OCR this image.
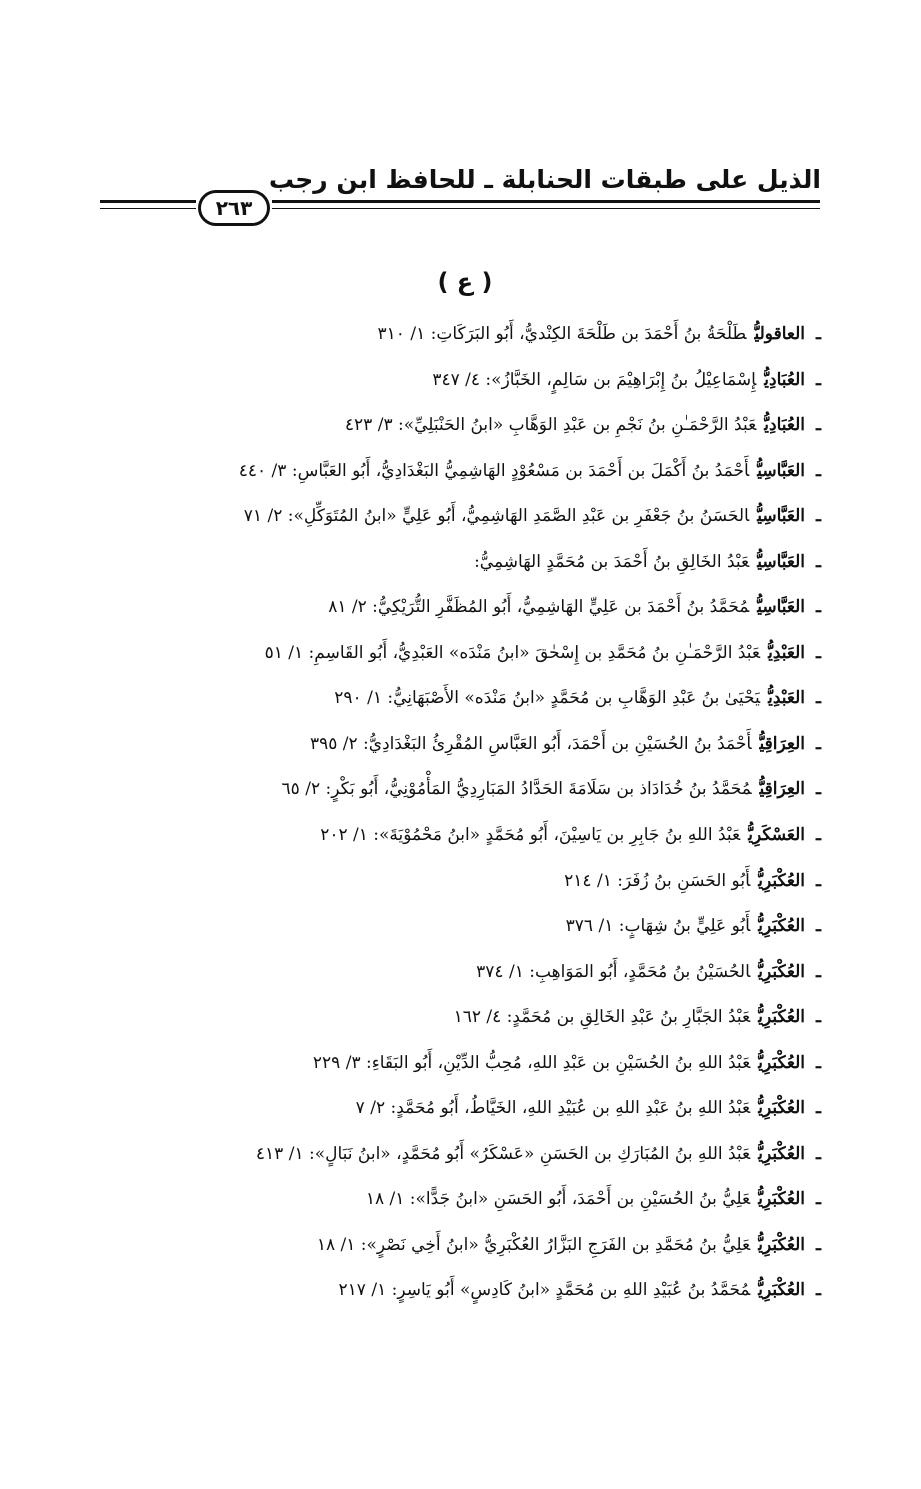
الذيل على طبقات الحنابلة ـ للحافظ ابن رجب
٢٦٣
( ع )
ـالعاقوليُّطَلْحَةُ بنُ أَحْمَدَ بن طَلْحَةَ الكِنْديُّ، أَبُو البَرَكَاتِ: ١/ ٣١٠
ـالعُبَادِيُّإِسْمَاعِيْلُ بنُ إِبْرَاهِيْمَ بن سَالِمٍ، الخَبَّازُ»: ٤/ ٣٤٧
ـالعُبَادِيُّعَبْدُ الرَّحْمَـٰنِ بنُ نَجْمِ بن عَبْدِ الوَهَّابِ «ابنُ الحَنْبَلِيِّ»: ٣/ ٤٢٣
ـالعَبَّاسِيُّأَحْمَدُ بنُ أَكْمَلَ بن أَحْمَدَ بن مَسْعُوْدٍ الهَاشِمِيُّ البَغْدَادِيُّ، أَبُو العَبَّاسِ: ٣/ ٤٤٠
ـالعَبَّاسِيُّالحَسَنُ بنُ جَعْفَرِ بن عَبْدِ الصَّمَدِ الهَاشِمِيُّ، أَبُو عَلِيٍّ «ابنُ المُتَوَكِّلِ»: ٢/ ٧١
ـالعَبَّاسِيُّعَبْدُ الخَالِقِ بنُ أَحْمَدَ بن مُحَمَّدٍ الهَاشِمِيُّ:
ـالعَبَّاسِيُّمُحَمَّدُ بنُ أَحْمَدَ بن عَلِيٍّ الهَاشِمِيُّ، أَبُو المُظَفَّرِ التُّرَيْكِيُّ: ٢/ ٨١
ـالعَبْدِيُّعَبْدُ الرَّحْمَـٰنِ بنُ مُحَمَّدِ بن إِسْحٰقَ «ابنُ مَنْدَه» العَبْدِيُّ، أَبُو القَاسِمِ: ١/ ٥١
ـالعَبْدِيُّيَحْيَىٰ بنُ عَبْدِ الوَهَّابِ بن مُحَمَّدٍ «ابنُ مَنْدَه» الأَصْبَهَانِيُّ: ١/ ٢٩٠
ـالعِرَاقِيُّأَحْمَدُ بنُ الحُسَيْنِ بن أَحْمَدَ، أَبُو العَبَّاسِ المُقْرِئُ البَغْدَادِيُّ: ٢/ ٣٩٥
ـالعِرَاقِيُّمُحَمَّدُ بنُ خُدَادَاذ بن سَلَامَةَ الحَدَّادُ المَبَارِدِيُّ المَأْمُوْنِيُّ، أَبُو بَكْرٍ: ٢/ ٦٥
ـالعَسْكَرِيُّعَبْدُ اللهِ بنُ جَابِرِ بن يَاسِيْنَ، أَبُو مُحَمَّدٍ «ابنُ مَحْمُوْيَةَ»: ١/ ٢٠٢
ـالعُكْبَرِيُّأَبُو الحَسَنِ بنُ زُفَرَ: ١/ ٢١٤
ـالعُكْبَرِيُّأَبُو عَلِيٍّ بنُ شِهَابٍ: ١/ ٣٧٦
ـالعُكْبَرِيُّالحُسَيْنُ بنُ مُحَمَّدٍ، أَبُو المَوَاهِبِ: ١/ ٣٧٤
ـالعُكْبَرِيُّعَبْدُ الجَبَّارِ بنُ عَبْدِ الخَالِقِ بن مُحَمَّدٍ: ٤/ ١٦٢
ـالعُكْبَرِيُّعَبْدُ اللهِ بنُ الحُسَيْنِ بن عَبْدِ اللهِ، مُحِبُّ الدِّيْنِ، أَبُو البَقَاءِ: ٣/ ٢٢٩
ـالعُكْبَرِيُّعَبْدُ اللهِ بنُ عَبْدِ اللهِ بن عُبَيْدِ اللهِ، الخَيَّاطُ، أَبُو مُحَمَّدٍ: ٢/ ٧
ـالعُكْبَرِيُّعَبْدُ اللهِ بنُ المُبَارَكِ بن الحَسَنِ «عَسْكَرُ» أَبُو مُحَمَّدٍ، «ابنُ نَبَالٍ»: ١/ ٤١٣
ـالعُكْبَرِيُّعَلِيُّ بنُ الحُسَيْنِ بن أَحْمَدَ، أَبُو الحَسَنِ «ابنُ جَدًّا»: ١/ ١٨
ـالعُكْبَرِيُّعَلِيُّ بنُ مُحَمَّدِ بن الفَرَجِ البَزَّارُ العُكْبَرِيُّ «ابنُ أَخِي نَصْرٍ»: ١/ ١٨
ـالعُكْبَرِيُّمُحَمَّدُ بنُ عُبَيْدِ اللهِ بن مُحَمَّدٍ «ابنُ كَادِسٍ» أَبُو يَاسِرٍ: ١/ ٢١٧
